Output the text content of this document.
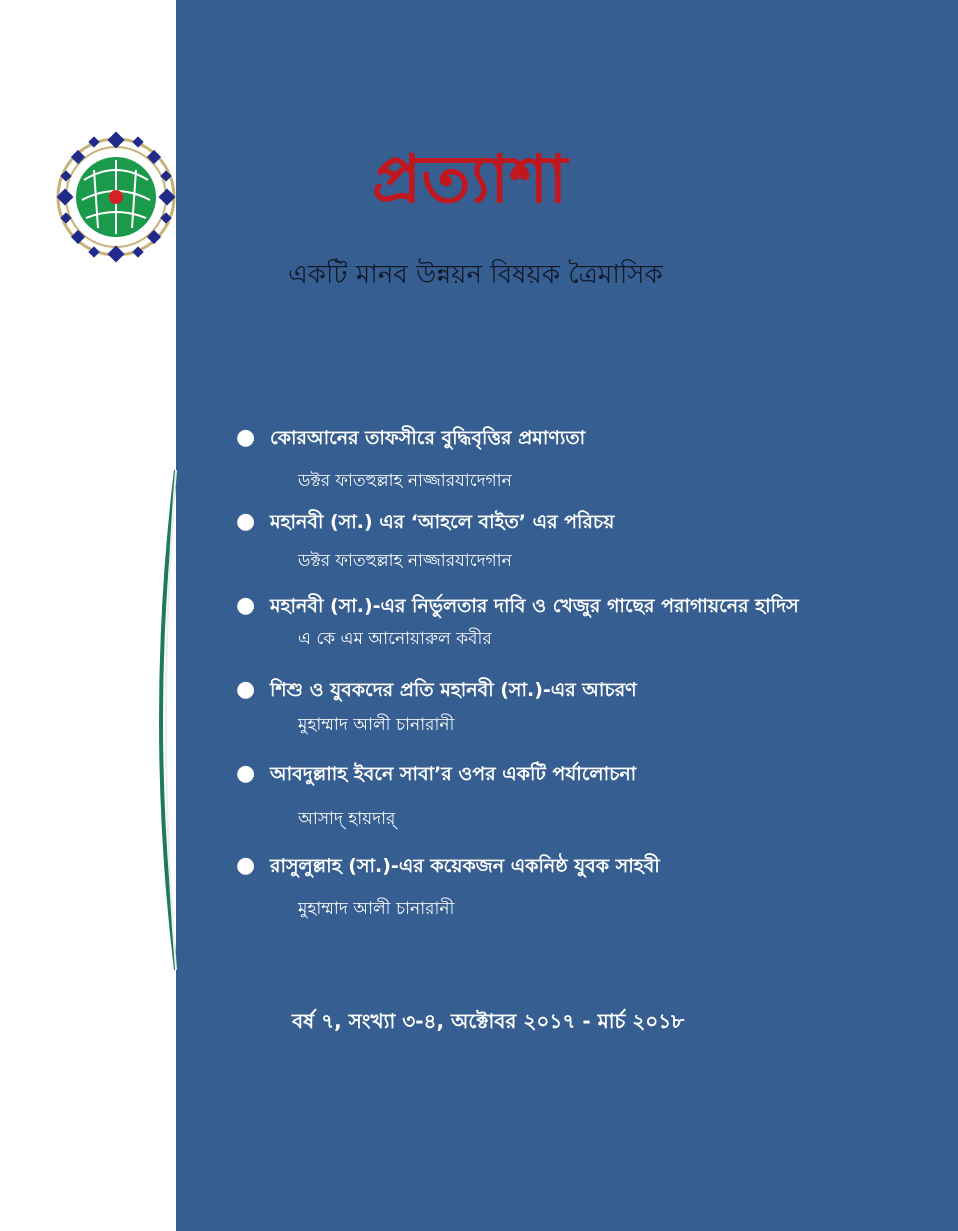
প্রত্যাশা

একটি মানব উন্নয়ন বিষয়ক ত্রৈমাসিক

● কোরআনের তাফসীরে বুদ্ধিবৃত্তির প্রমাণ্যতা
ডক্টর ফাতহুল্লাহ নাজ্জারযাদেগান
● মহানবী (সা.) এর ‘আহলে বাইত’ এর পরিচয়
ডক্টর ফাতহুল্লাহ নাজ্জারযাদেগান
● মহানবী (সা.)-এর নির্ভুলতার দাবি ও খেজুর গাছের পরাগায়নের হাদিস
এ কে এম আনোয়ারুল কবীর
● শিশু ও যুবকদের প্রতি মহানবী (সা.)-এর আচরণ
মুহাম্মাদ আলী চানারানী
● আবদুল্লাাহ ইবনে সাবা’র ওপর একটি পর্যালোচনা
আসাদ্ হায়দার্
● রাসুলুল্লাহ (সা.)-এর কয়েকজন একনিষ্ঠ যুবক সাহবী
মুহাম্মাদ আলী চানারানী

বর্ষ ৭, সংখ্যা ৩-৪, অক্টোবর ২০১৭ - মার্চ ২০১৮
